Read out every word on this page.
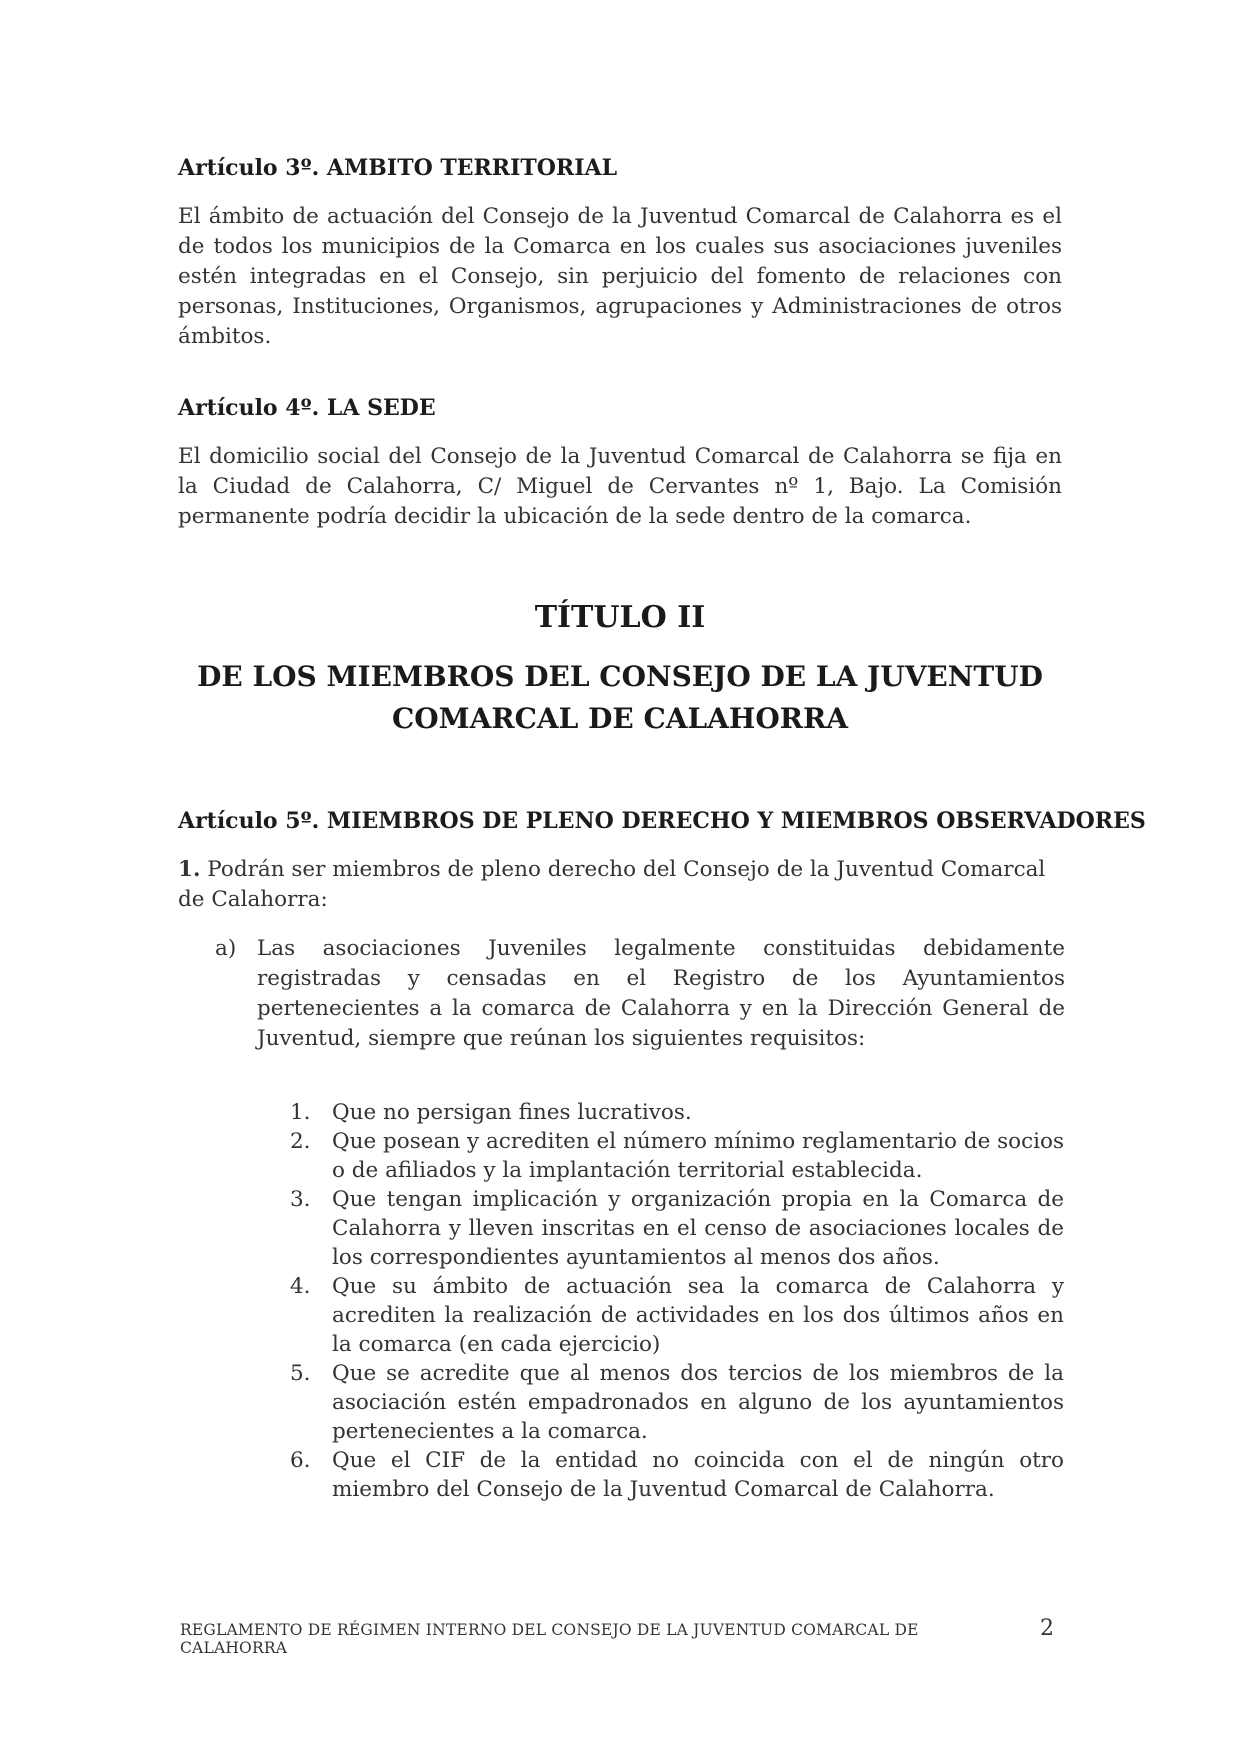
Artículo 3º. AMBITO TERRITORIAL

El ámbito de actuación del Consejo de la Juventud Comarcal de Calahorra es el de todos los municipios de la Comarca en los cuales sus asociaciones juveniles estén integradas en el Consejo, sin perjuicio del fomento de relaciones con personas, Instituciones, Organismos, agrupaciones y Administraciones de otros ámbitos.

Artículo 4º. LA SEDE

El domicilio social del Consejo de la Juventud Comarcal de Calahorra se fija en la Ciudad de Calahorra, C/ Miguel de Cervantes nº 1, Bajo. La Comisión permanente podría decidir la ubicación de la sede dentro de la comarca.

TÍTULO II

DE LOS MIEMBROS DEL CONSEJO DE LA JUVENTUD

COMARCAL DE CALAHORRA

Artículo 5º. MIEMBROS DE PLENO DERECHO Y MIEMBROS OBSERVADORES

1. Podrán ser miembros de pleno derecho del Consejo de la Juventud Comarcal de Calahorra:

a) Las asociaciones Juveniles legalmente constituidas debidamente registradas y censadas en el Registro de los Ayuntamientos pertenecientes a la comarca de Calahorra y en la Dirección General de Juventud, siempre que reúnan los siguientes requisitos:
1. Que no persigan fines lucrativos.
2. Que posean y acrediten el número mínimo reglamentario de socios o de afiliados y la implantación territorial establecida.
3. Que tengan implicación y organización propia en la Comarca de Calahorra y lleven inscritas en el censo de asociaciones locales de los correspondientes ayuntamientos al menos dos años.
4. Que su ámbito de actuación sea la comarca de Calahorra y acrediten la realización de actividades en los dos últimos años en la comarca (en cada ejercicio)
5. Que se acredite que al menos dos tercios de los miembros de la asociación estén empadronados en alguno de los ayuntamientos pertenecientes a la comarca.
6. Que el CIF de la entidad no coincida con el de ningún otro miembro del Consejo de la Juventud Comarcal de Calahorra.
REGLAMENTO DE RÉGIMEN INTERNO DEL CONSEJO DE LA JUVENTUD COMARCAL DE CALAHORRA
2
